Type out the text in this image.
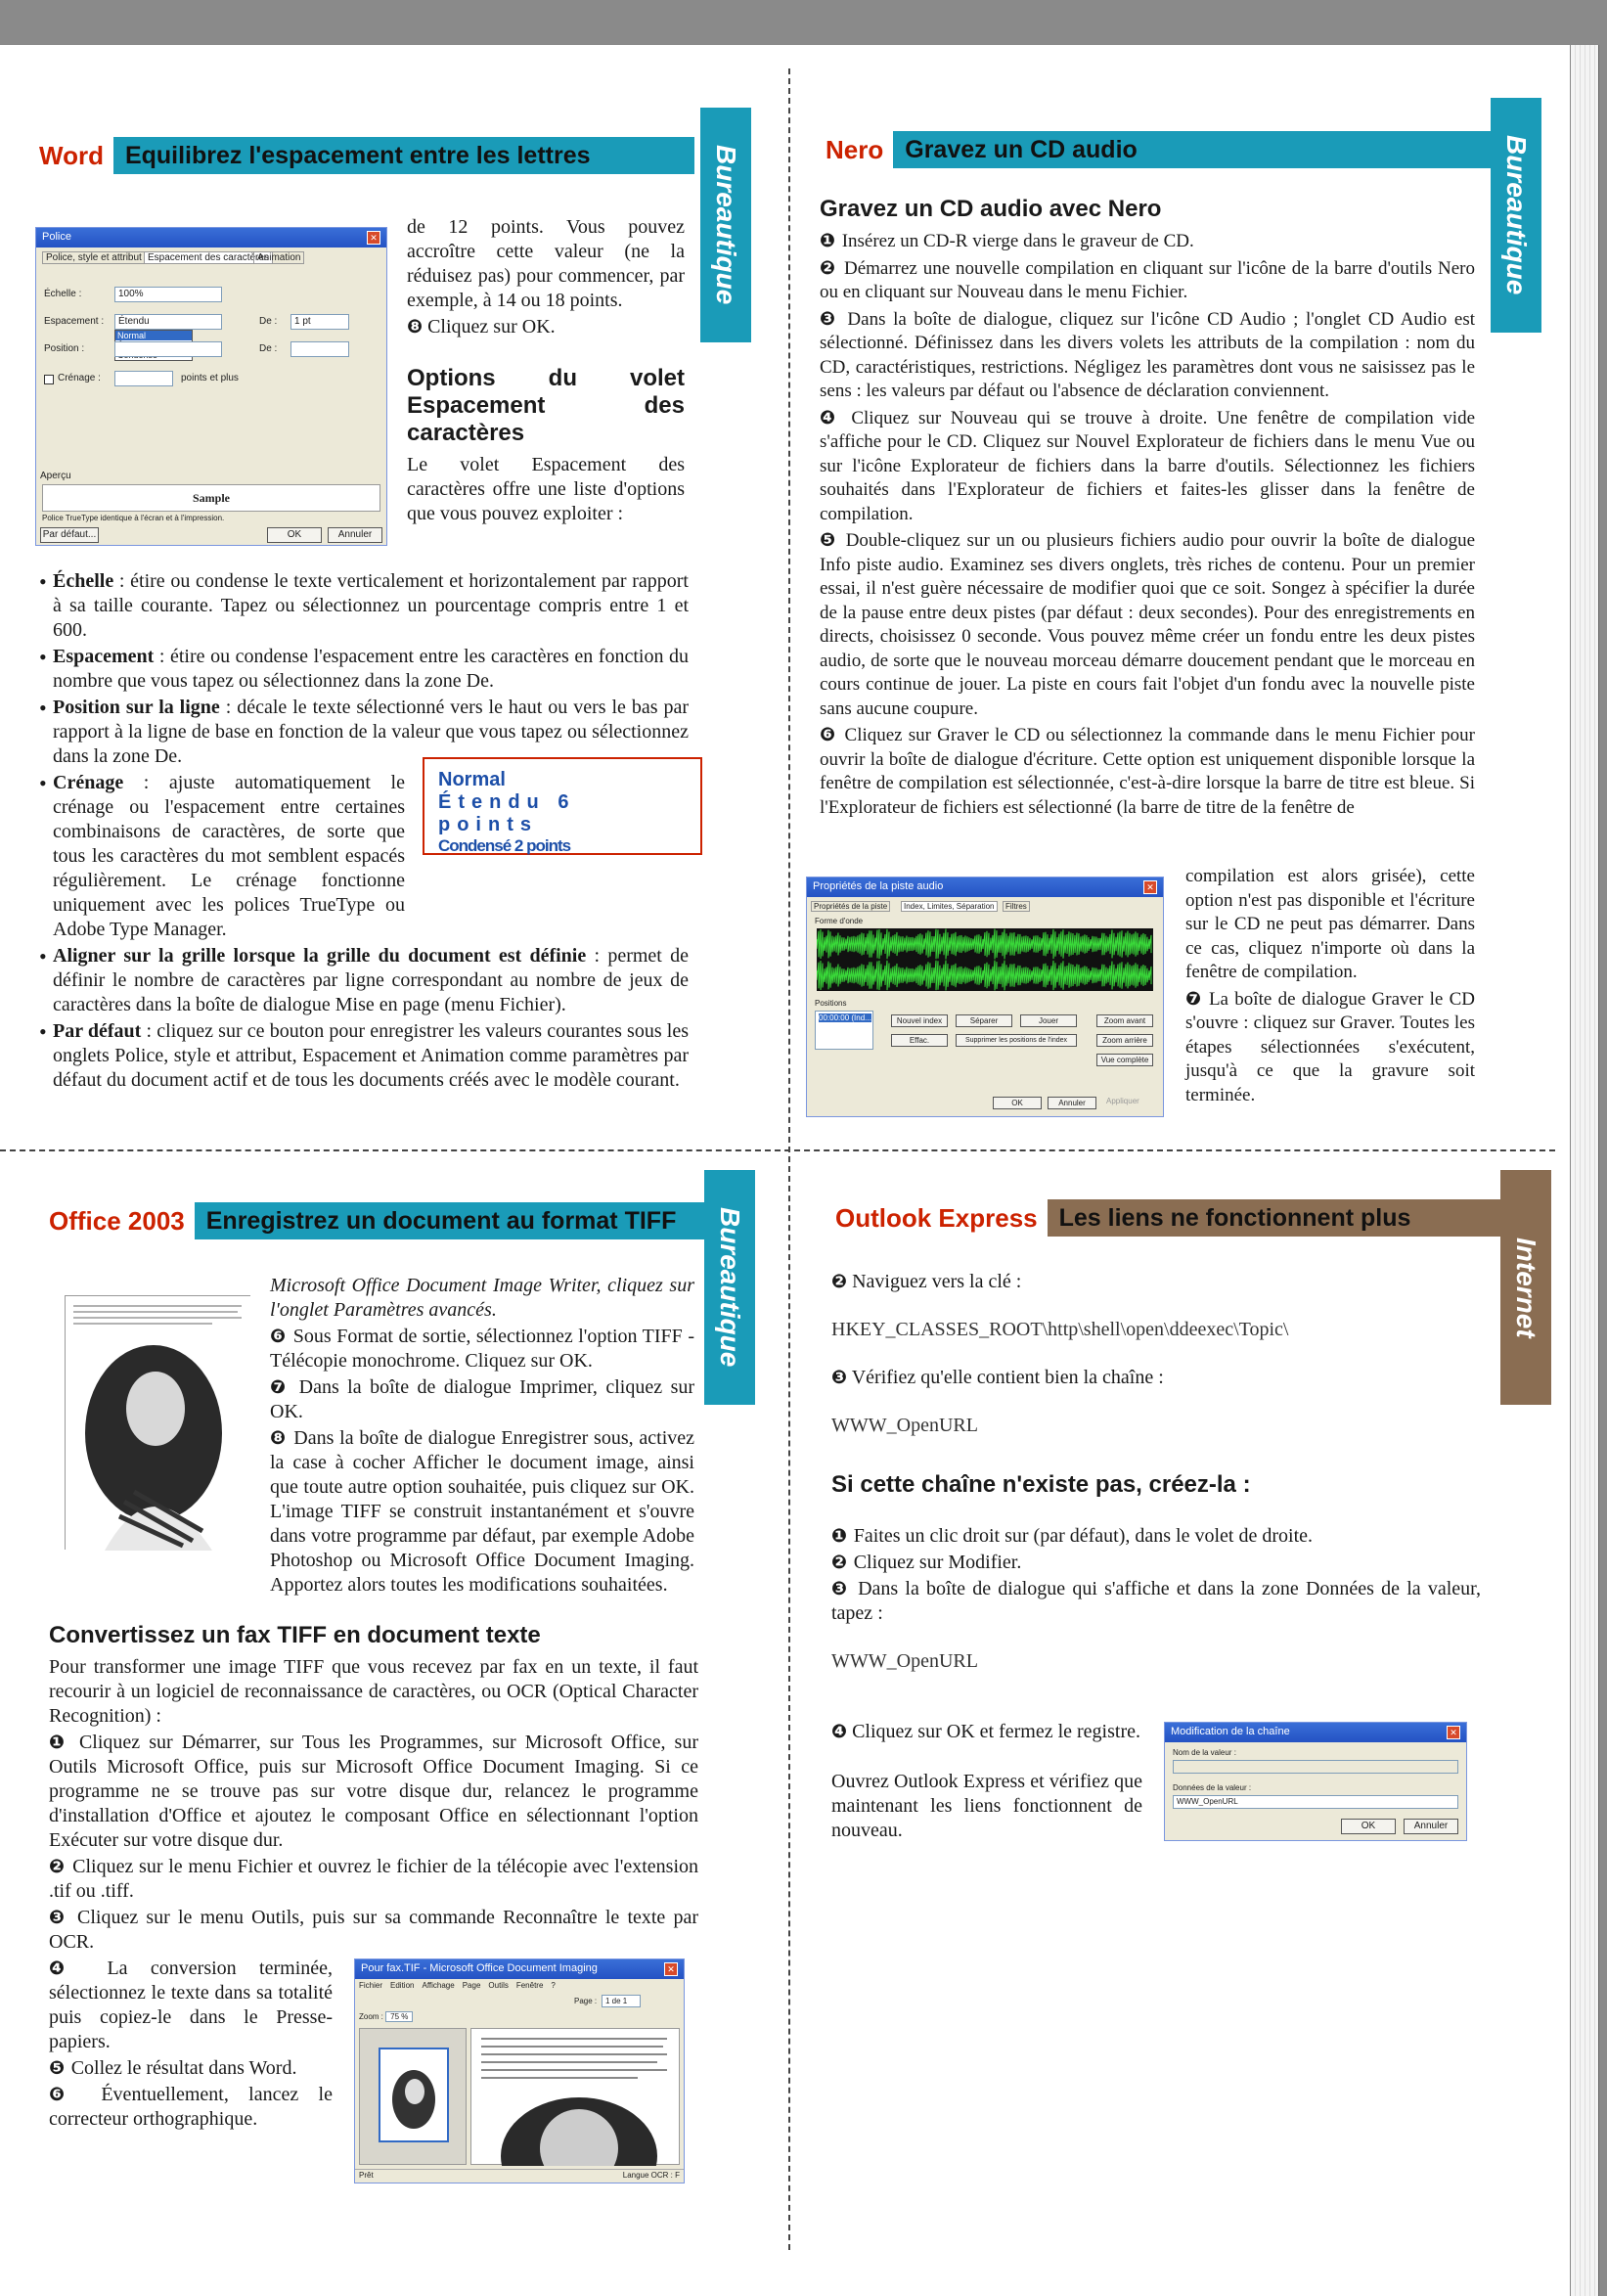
Word Equilibrez l'espacement entre les lettres	Bureautique
Police	✕
Police, style et attribut Espacement des caractères
Animation
Échelle :	100%
Espacement :	Étendu
Normal
De :	1 pt
Position :	De :
Crénage :	points et plus
Aperçu
Sample
Police TrueType identique à l'écran et à l'impression.
Par défaut...	OK	Annuler

de 12 points. Vous pouvez accroître cette valeur (ne la réduisez pas) pour commencer, par exemple, à 14 ou 18 points.

❽ Cliquez sur OK.

Options du volet Espacement des caractères

Le volet Espacement des caractères offre une liste d'options que vous pouvez exploiter :

• Échelle : étire ou condense le texte verticalement et horizontalement par rapport à sa taille courante. Tapez ou sélectionnez un pourcentage compris entre 1 et 600.
• Espacement : étire ou condense l'espacement entre les caractères en fonction du nombre que vous tapez ou sélectionnez dans la zone De.
• Position sur la ligne : décale le texte sélectionné vers le haut ou vers le bas par rapport à la ligne de base en fonction de la valeur que vous tapez ou sélectionnez dans la zone De.
• Crénage : ajuste automatiquement le crénage ou l'espacement entre certaines combinaisons de caractères, de sorte que tous les caractères du mot semblent espacés régulièrement. Le crénage fonctionne uniquement avec les polices TrueType ou Adobe Type Manager.
• Aligner sur la grille lorsque la grille du document est définie : permet de définir le nombre de caractères par ligne correspondant au nombre de jeux de caractères dans la boîte de dialogue Mise en page (menu Fichier).
• Par défaut : cliquez sur ce bouton pour enregistrer les valeurs courantes sous les onglets Police, style et attribut, Espacement et Animation comme paramètres par défaut du document actif et de tous les documents créés avec le modèle courant.
Normal
Étendu 6 points
Condensé 2 points
Nero Gravez un CD audio	Bureautique
Gravez un CD audio avec Nero

❶ Insérez un CD-R vierge dans le graveur de CD.

❷ Démarrez une nouvelle compilation en cliquant sur l'icône de la barre d'outils Nero ou en cliquant sur Nouveau dans le menu Fichier.

❸ Dans la boîte de dialogue, cliquez sur l'icône CD Audio ; l'onglet CD Audio est sélectionné. Définissez dans les divers volets les attributs de la compilation : nom du CD, caractéristiques, restrictions. Négligez les paramètres dont vous ne saisissez pas le sens : les valeurs par défaut ou l'absence de déclaration conviennent.

❹ Cliquez sur Nouveau qui se trouve à droite. Une fenêtre de compilation vide s'affiche pour le CD. Cliquez sur Nouvel Explorateur de fichiers dans le menu Vue ou sur l'icône Explorateur de fichiers dans la barre d'outils. Sélectionnez les fichiers souhaités dans l'Explorateur de fichiers et faites-les glisser dans la fenêtre de compilation.

❺ Double-cliquez sur un ou plusieurs fichiers audio pour ouvrir la boîte de dialogue Info piste audio. Examinez ses divers onglets, très riches de contenu. Pour un premier essai, il n'est guère nécessaire de modifier quoi que ce soit. Songez à spécifier la durée de la pause entre deux pistes (par défaut : deux secondes). Pour des enregistrements en directs, choisissez 0 seconde. Vous pouvez même créer un fondu entre les deux pistes audio, de sorte que le nouveau morceau démarre doucement pendant que le morceau en cours continue de jouer. La piste en cours fait l'objet d'un fondu avec la nouvelle piste sans aucune coupure.

❻ Cliquez sur Graver le CD ou sélectionnez la commande dans le menu Fichier pour ouvrir la boîte de dialogue d'écriture. Cette option est uniquement disponible lorsque la fenêtre de compilation est sélectionnée, c'est-à-dire lorsque la barre de titre est bleue. Si l'Explorateur de fichiers est sélectionné (la barre de titre de la fenêtre de

compilation est alors grisée), cette option n'est pas disponible et l'écriture sur le CD ne peut pas démarrer. Dans ce cas, cliquez n'importe où dans la fenêtre de compilation.

❼ La boîte de dialogue Graver le CD s'ouvre : cliquez sur Graver. Toutes les étapes sélectionnées s'exécutent, jusqu'à ce que la gravure soit terminée.

Propriétés de la piste audio	✕
Propriétés de la piste	Index, Limites, Séparation	Filtres
Forme d'onde
Positions
00:00:00 (Ind...	Nouvel index	Séparer	Jouer	Zoom avant
Effac.	Supprimer les positions de l'index	Zoom arrière
Vue complète
OK	Annuler	Appliquer
Office 2003 Enregistrez un document au format TIFF	Bureautique

Microsoft Office Document Image Writer, cliquez sur l'onglet Paramètres avancés.

❻ Sous Format de sortie, sélectionnez l'option TIFF - Télécopie monochrome. Cliquez sur OK.

❼ Dans la boîte de dialogue Imprimer, cliquez sur OK.

❽ Dans la boîte de dialogue Enregistrer sous, activez la case à cocher Afficher le document image, ainsi que toute autre option souhaitée, puis cliquez sur OK. L'image TIFF se construit instantanément et s'ouvre dans votre programme par défaut, par exemple Adobe Photoshop ou Microsoft Office Document Imaging. Apportez alors toutes les modifications souhaitées.

Convertissez un fax TIFF en document texte

Pour transformer une image TIFF que vous recevez par fax en un texte, il faut recourir à un logiciel de reconnaissance de caractères, ou OCR (Optical Character Recognition) :

❶ Cliquez sur Démarrer, sur Tous les Programmes, sur Microsoft Office, sur Outils Microsoft Office, puis sur Microsoft Office Document Imaging. Si ce programme ne se trouve pas sur votre disque dur, relancez le programme d'installation d'Office et ajoutez le composant Office en sélectionnant l'option Exécuter sur votre disque dur.

❷ Cliquez sur le menu Fichier et ouvrez le fichier de la télécopie avec l'extension .tif ou .tiff.

❸ Cliquez sur le menu Outils, puis sur sa commande Reconnaître le texte par OCR.

❹ La conversion terminée, sélectionnez le texte dans sa totalité puis copiez-le dans le Presse-papiers.

❺ Collez le résultat dans Word.

❻ Éventuellement, lancez le correcteur orthographique.

Pour fax.TIF - Microsoft Office Document Imaging	✕
Fichier Edition Affichage Page Outils Fenêtre ?
Page :	1 de 1
Zoom : 75 %
Prêt	Langue OCR : F
Outlook Express Les liens ne fonctionnent plus
Internet

❷ Naviguez vers la clé :

HKEY_CLASSES_ROOT\http\shell\open\ddeexec\Topic\

❸ Vérifiez qu'elle contient bien la chaîne :

WWW_OpenURL

Si cette chaîne n'existe pas, créez-la :

❶ Faites un clic droit sur (par défaut), dans le volet de droite.

❷ Cliquez sur Modifier.

❸ Dans la boîte de dialogue qui s'affiche et dans la zone Données de la valeur, tapez :

WWW_OpenURL

❹ Cliquez sur OK et fermez le registre.

Ouvrez Outlook Express et vérifiez que maintenant les liens fonctionnent de nouveau.

Modification de la chaîne	✕
Nom de la valeur :
Données de la valeur :
WWW_OpenURL
OK	Annuler
